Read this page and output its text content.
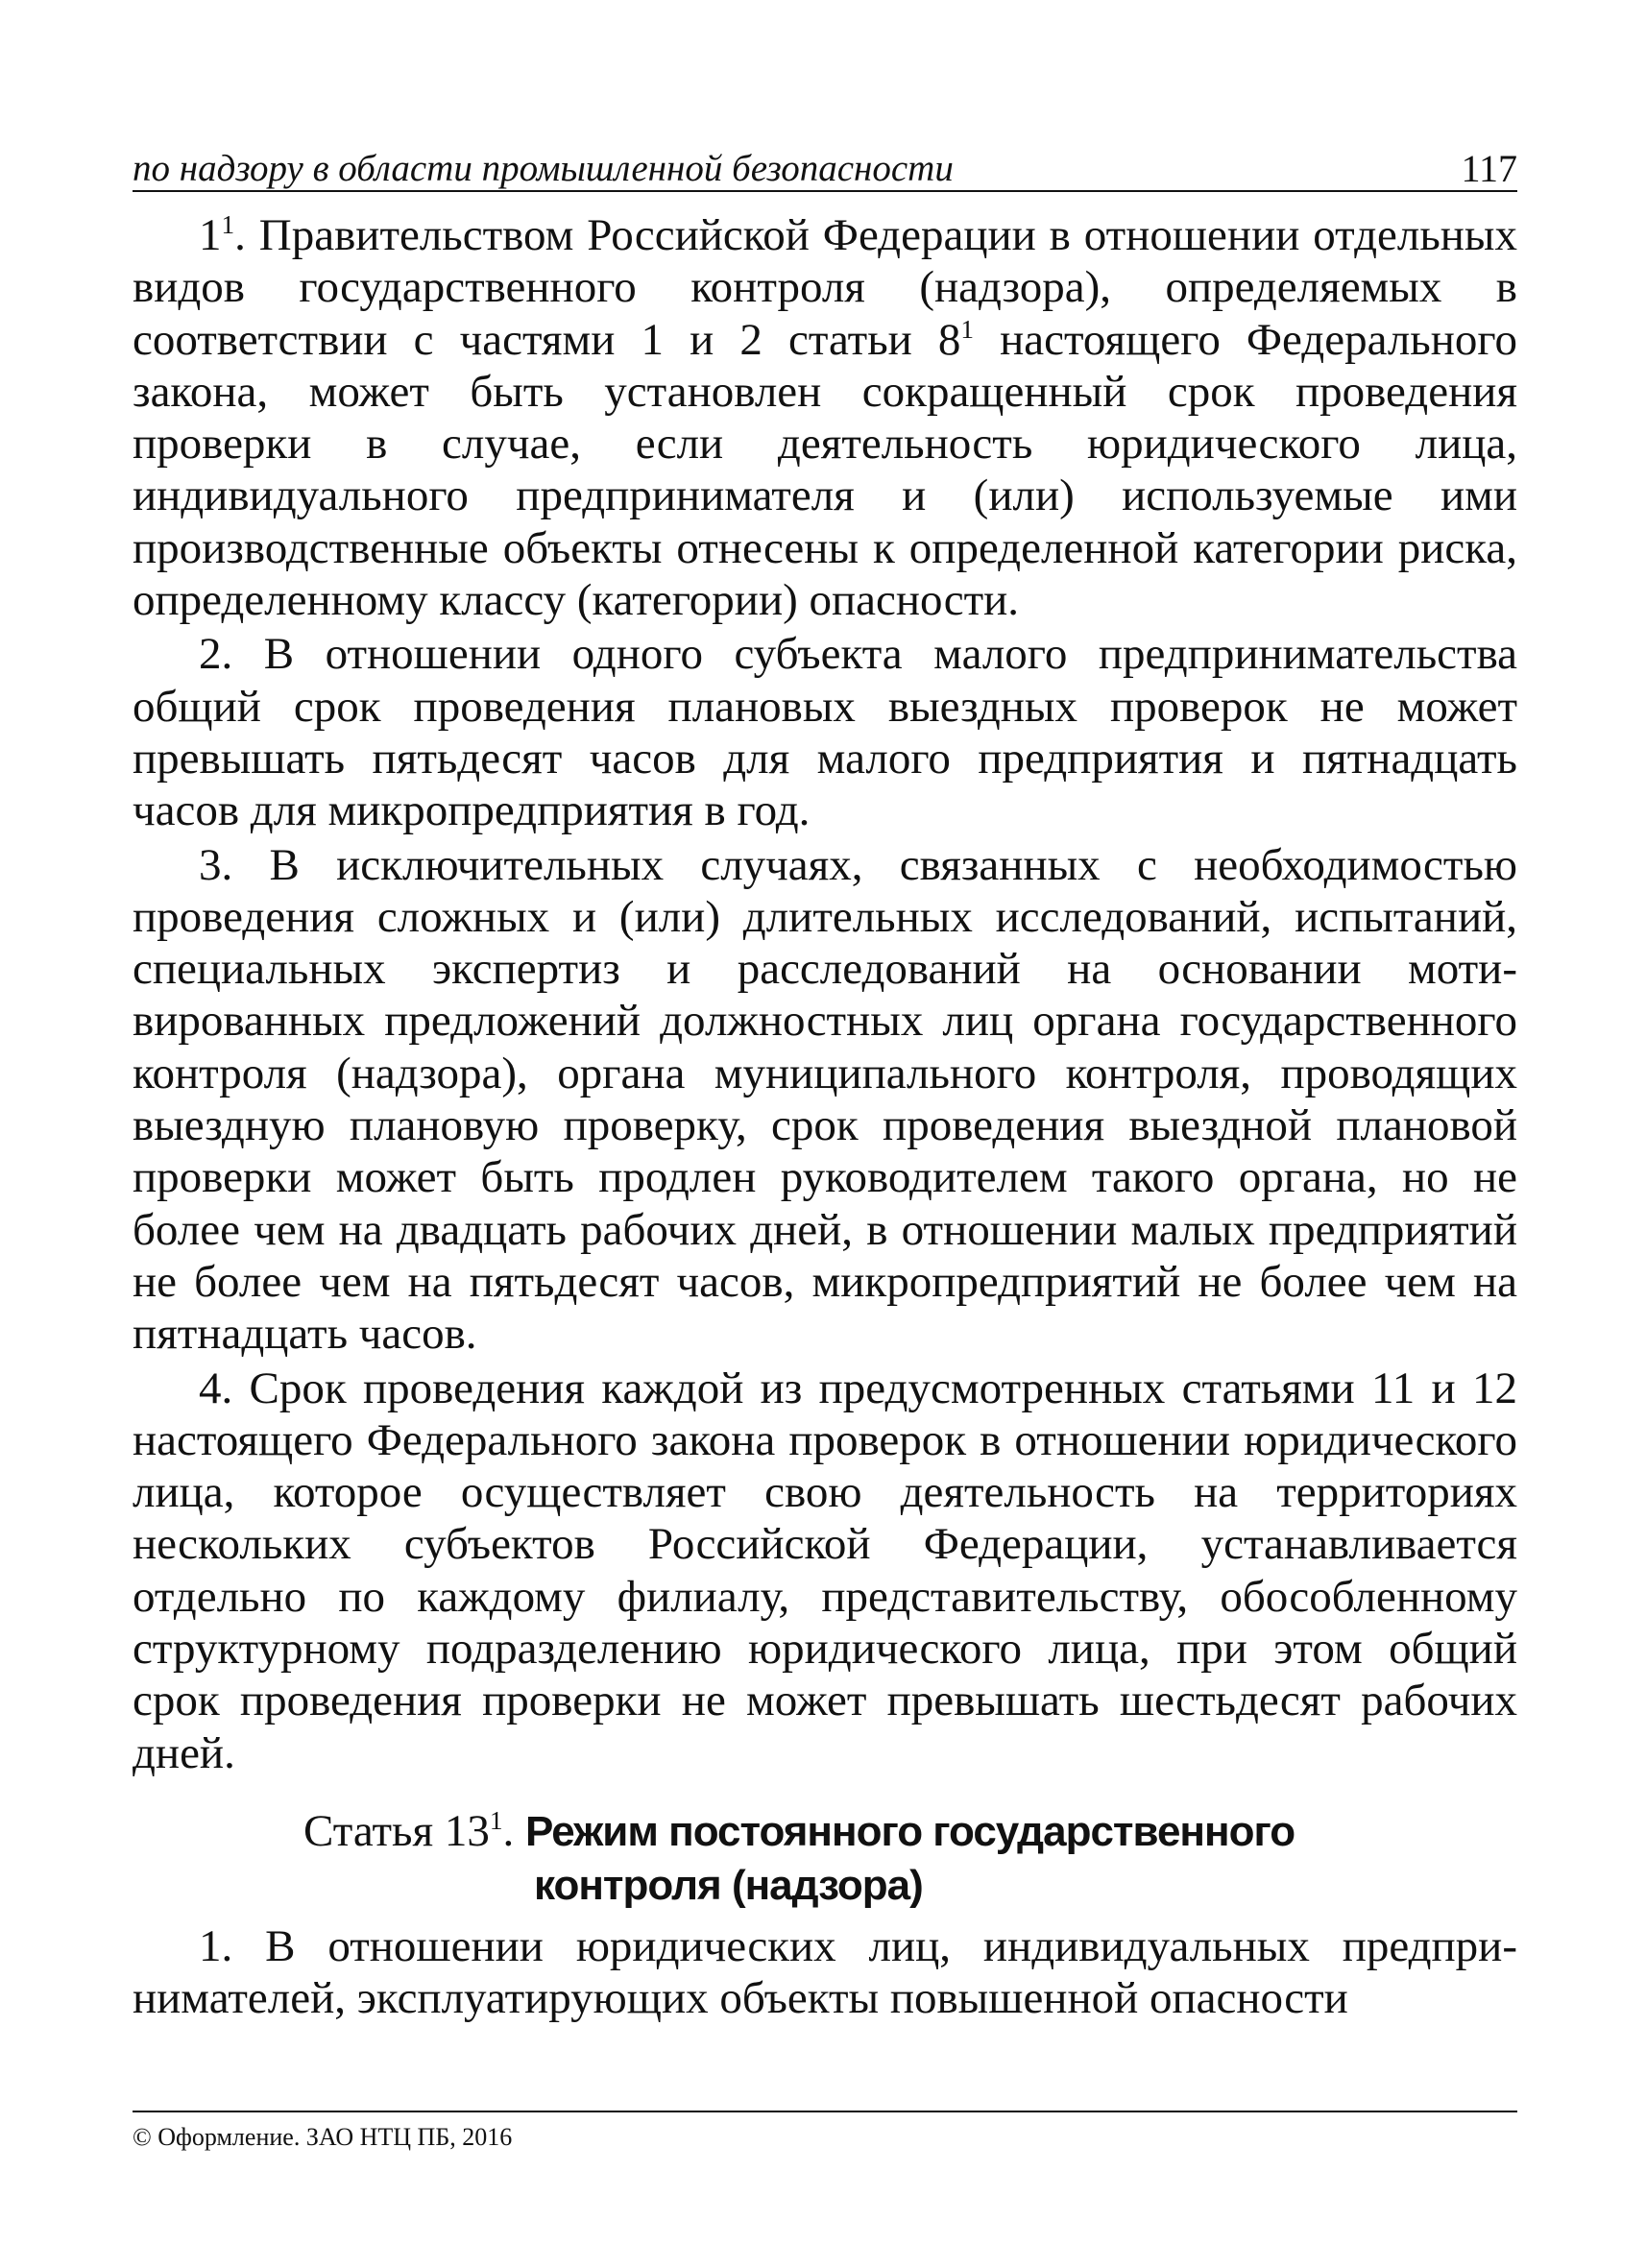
по надзору в области промышленной безопасности	117

$1^1$. Правительством Российской Федерации в отношении отдельных видов государственного контроля (надзора), определяемых в соответствии с частями 1 и 2 статьи $8^1$ настоящего Федерального закона, может быть установлен сокращенный срок проведения проверки в случае, если деятельность юридического лица, индивидуального предпринимателя и (или) используемые ими производственные объекты отнесены к определенной категории риска, определенному классу (категории) опасности.

2. В отношении одного субъекта малого предпринимательства общий срок проведения плановых выездных проверок не может превышать пятьдесят часов для малого предприятия и пятнадцать часов для микропредприятия в год.

3. В исключительных случаях, связанных с необходимостью проведения сложных и (или) длительных исследований, испытаний, специальных экспертиз и расследований на основании мотивированных предложений должностных лиц органа государственного контроля (надзора), органа муниципального контроля, проводящих выездную плановую проверку, срок проведения выездной плановой проверки может быть продлен руководителем такого органа, но не более чем на двадцать рабочих дней, в отношении малых предприятий не более чем на пятьдесят часов, микропредприятий не более чем на пятнадцать часов.

4. Срок проведения каждой из предусмотренных статьями 11 и 12 настоящего Федерального закона проверок в отношении юридического лица, которое осуществляет свою деятельность на территориях нескольких субъектов Российской Федерации, устанавливается отдельно по каждому филиалу, представительству, обособленному структурному подразделению юридического лица, при этом общий срок проведения проверки не может превышать шестьдесят рабочих дней.

Статья $13^1$. Режим постоянного государственного
контроля (надзора)

1. В отношении юридических лиц, индивидуальных предпринимателей, эксплуатирующих объекты повышенной опасности

© Оформление. ЗАО НТЦ ПБ, 2016
